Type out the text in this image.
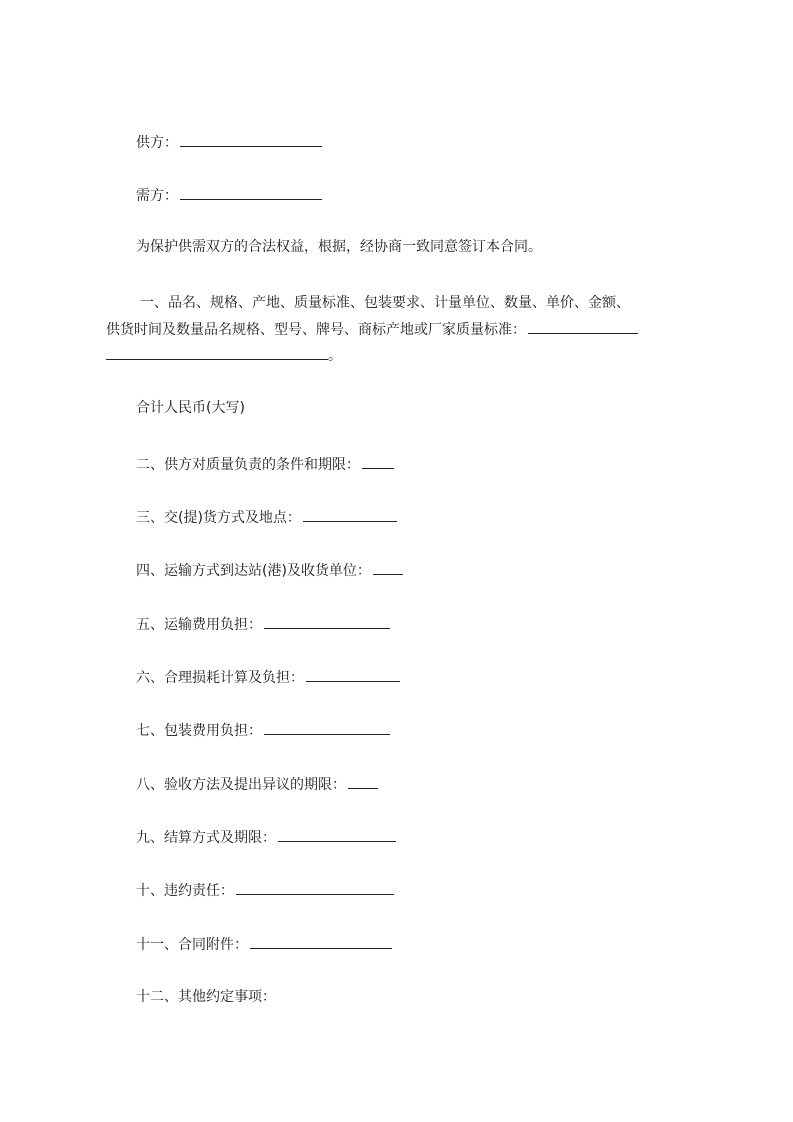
供方：
需方：
为保护供需双方的合法权益，根据，经协商一致同意签订本合同。
一、品名、规格、产地、质量标准、包装要求、计量单位、数量、单价、金额、
供货时间及数量品名规格、型号、牌号、商标产地或厂家质量标准：
。
合计人民币(大写)
二、供方对质量负责的条件和期限：
三、交(提)货方式及地点：
四、运输方式到达站(港)及收货单位：
五、运输费用负担：
六、合理损耗计算及负担：
七、包装费用负担：
八、验收方法及提出异议的期限：
九、结算方式及期限：
十、违约责任：
十一、合同附件：
十二、其他约定事项：
